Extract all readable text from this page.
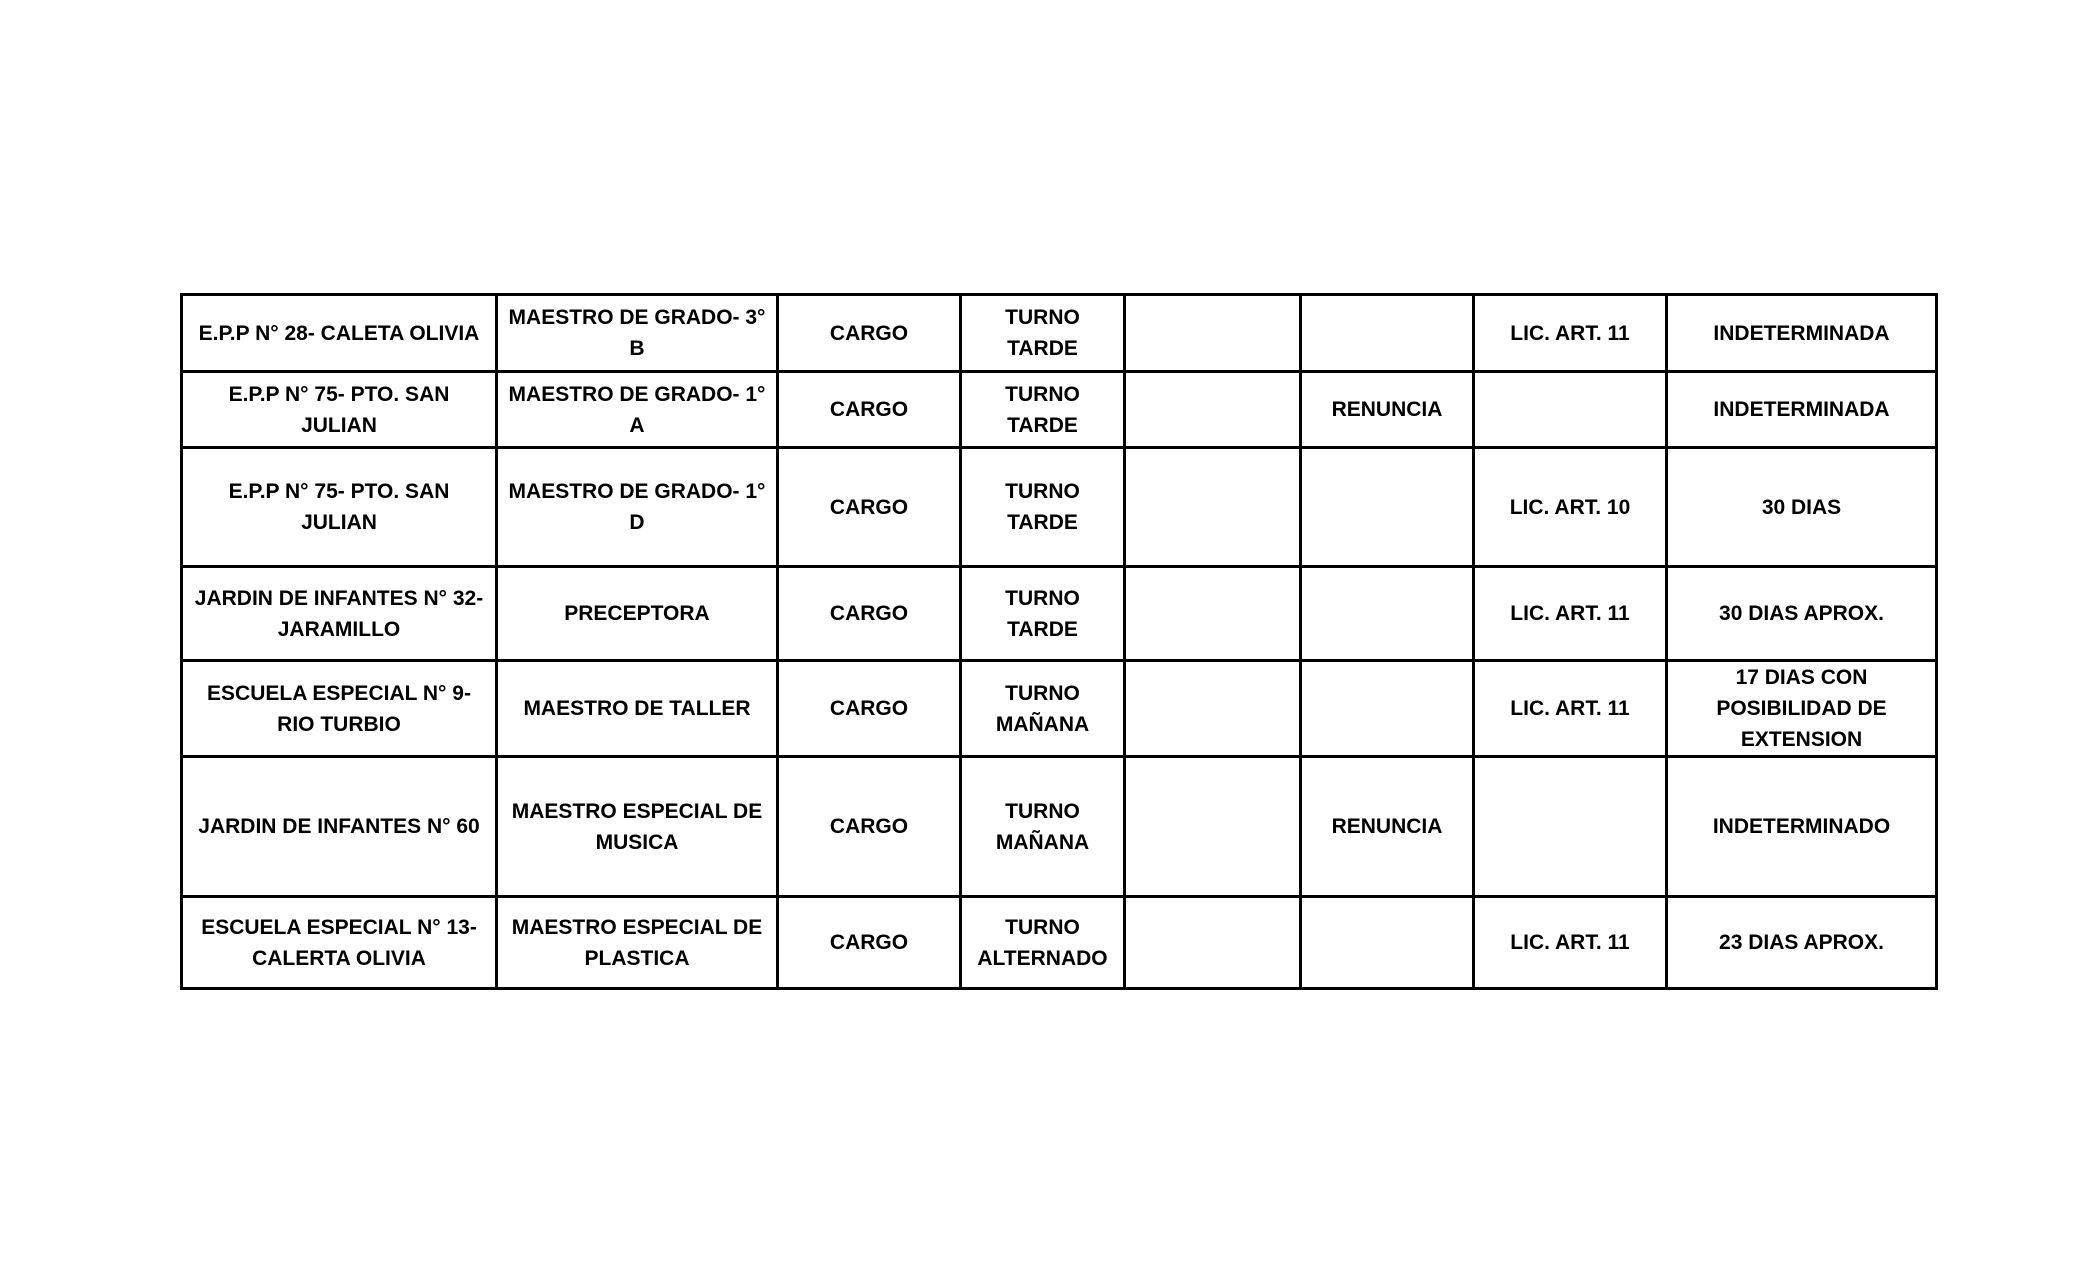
E.P.P N° 28- CALETA OLIVIA	MAESTRO DE GRADO- 3° B	CARGO	TURNO TARDE			LIC. ART. 11	INDETERMINADA
E.P.P N° 75- PTO. SAN JULIAN	MAESTRO DE GRADO- 1° A	CARGO	TURNO TARDE		RENUNCIA		INDETERMINADA
E.P.P N° 75- PTO. SAN JULIAN	MAESTRO DE GRADO- 1° D	CARGO	TURNO TARDE			LIC. ART. 10	30 DIAS
JARDIN DE INFANTES N° 32- JARAMILLO	PRECEPTORA	CARGO	TURNO TARDE			LIC. ART. 11	30 DIAS APROX.
ESCUELA ESPECIAL N° 9- RIO TURBIO	MAESTRO DE TALLER	CARGO	TURNO MAÑANA			LIC. ART. 11	17 DIAS CON POSIBILIDAD DE EXTENSION
JARDIN DE INFANTES N° 60	MAESTRO ESPECIAL DE MUSICA	CARGO	TURNO MAÑANA		RENUNCIA		INDETERMINADO
ESCUELA ESPECIAL N° 13- CALERTA OLIVIA	MAESTRO ESPECIAL DE PLASTICA	CARGO	TURNO ALTERNADO			LIC. ART. 11	23 DIAS APROX.
